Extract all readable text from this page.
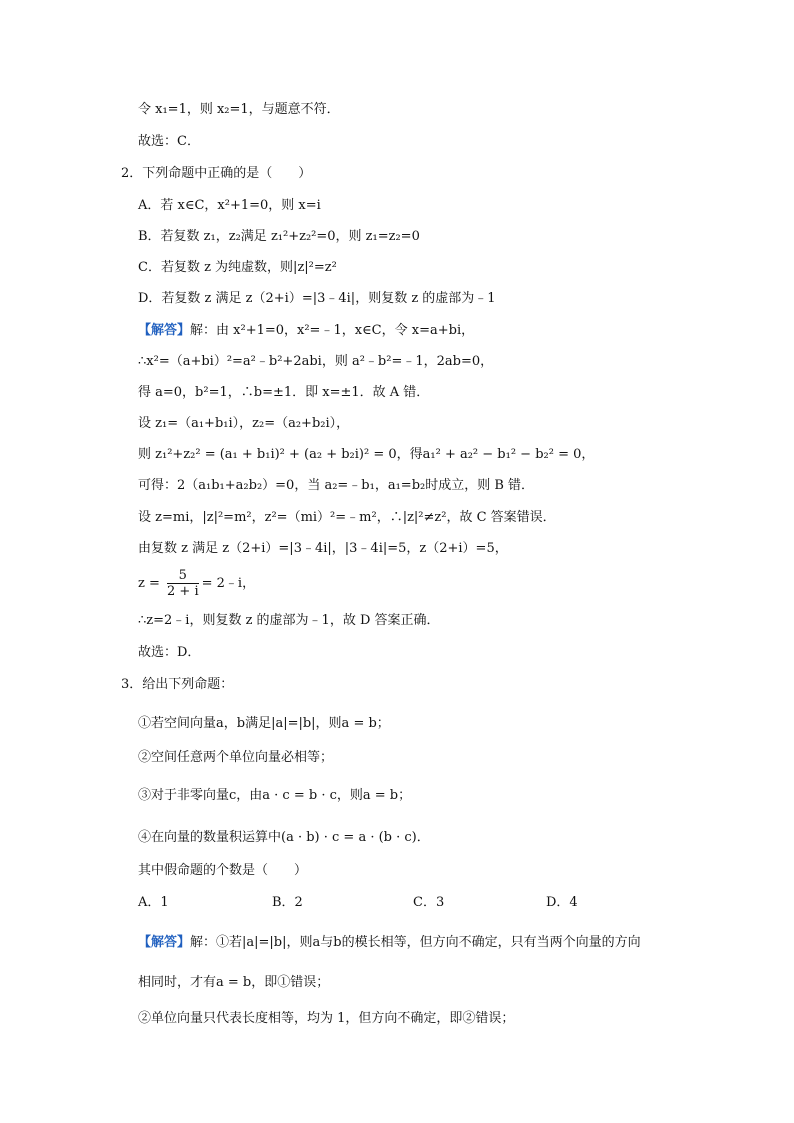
令 x₁=1，则 x₂=1，与题意不符．
故选：C．
2．下列命题中正确的是（　　）
A．若 x∈C，x²+1=0，则 x=i
B．若复数 z₁，z₂满足 z₁²+z₂²=0，则 z₁=z₂=0
C．若复数 z 为纯虚数，则|z|²=z²
D．若复数 z 满足 z（2+i）=|3﹣4i|，则复数 z 的虚部为﹣1
【解答】解：由 x²+1=0，x²=﹣1，x∈C，令 x=a+bi，
∴x²=（a+bi）²=a²﹣b²+2abi，则 a²﹣b²=﹣1，2ab=0，
得 a=0，b²=1，∴b=±1．即 x=±1．故 A 错．
设 z₁=（a₁+b₁i），z₂=（a₂+b₂i），
则 z₁²+z₂² = (a₁ + b₁i)² + (a₂ + b₂i)² = 0，得a₁² + a₂² − b₁² − b₂² = 0，
可得：2（a₁b₁+a₂b₂）=0，当 a₂=﹣b₁，a₁=b₂时成立，则 B 错．
设 z=mi，|z|²=m²，z²=（mi）²=﹣m²，∴|z|²≠z²，故 C 答案错误．
由复数 z 满足 z（2+i）=|3﹣4i|，|3﹣4i|=5，z（2+i）=5，
$z = \frac{5}{2 + i}$ = 2﹣i，
∴z=2﹣i，则复数 z 的虚部为﹣1，故 D 答案正确．
故选：D．
3．给出下列命题：
①若空间向量a，b满足|a|=|b|，则a = b；
②空间任意两个单位向量必相等；
③对于非零向量c，由a · c = b · c，则a = b；
④在向量的数量积运算中(a · b) · c = a · (b · c)．
其中假命题的个数是（　　）
A．1	B．2	C．3	D．4
【解答】解：①若|a|=|b|，则a与b的模长相等，但方向不确定，只有当两个向量的方向
相同时，才有a = b，即①错误；
②单位向量只代表长度相等，均为 1，但方向不确定，即②错误；
